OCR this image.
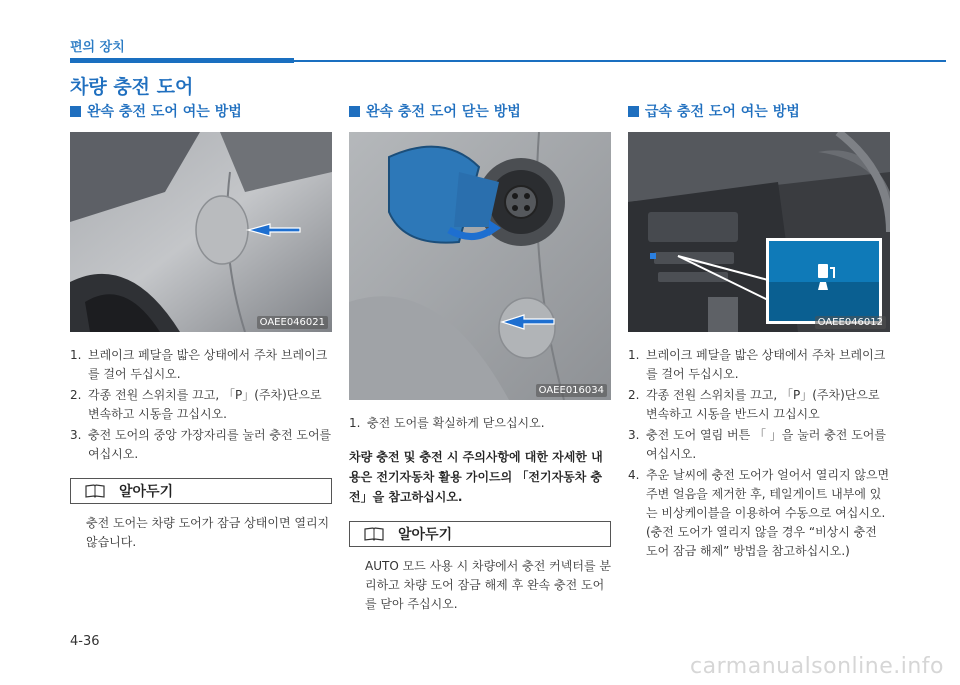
편의 장치
차량 충전 도어
완속 충전 도어 여는 방법
OAEE046021
1. 브레이크 페달을 밟은 상태에서 주차 브레이크를 걸어 두십시오.
2. 각종 전원 스위치를 끄고, 「P」(주차)단으로 변속하고 시동을 끄십시오.
3. 충전 도어의 중앙 가장자리를 눌러 충전 도어를 여십시오.
알아두기

충전 도어는 차량 도어가 잠금 상태이면 열리지 않습니다.

완속 충전 도어 닫는 방법
OAEE016034
1. 충전 도어를 확실하게 닫으십시오.

차량 충전 및 충전 시 주의사항에 대한 자세한 내용은 전기자동차 활용 가이드의 「전기자동차 충전」을 참고하십시오.

알아두기

AUTO 모드 사용 시 차량에서 충전 커넥터를 분리하고 차량 도어 잠금 해제 후 완속 충전 도어를 닫아 주십시오.

급속 충전 도어 여는 방법
OAEE046012
1. 브레이크 페달을 밟은 상태에서 주차 브레이크를 걸어 두십시오.
2. 각종 전원 스위치를 끄고, 「P」(주차)단으로 변속하고 시동을 반드시 끄십시오
3. 충전 도어 열림 버튼 「 」을 눌러 충전 도어를 여십시오.
4. 추운 날씨에 충전 도어가 얼어서 열리지 않으면 주변 얼음을 제거한 후, 테일게이트 내부에 있는 비상케이블을 이용하여 수동으로 여십시오. (충전 도어가 열리지 않을 경우 “비상시 충전 도어 잠금 해제” 방법을 참고하십시오.)
4-36
carmanualsonline.info
